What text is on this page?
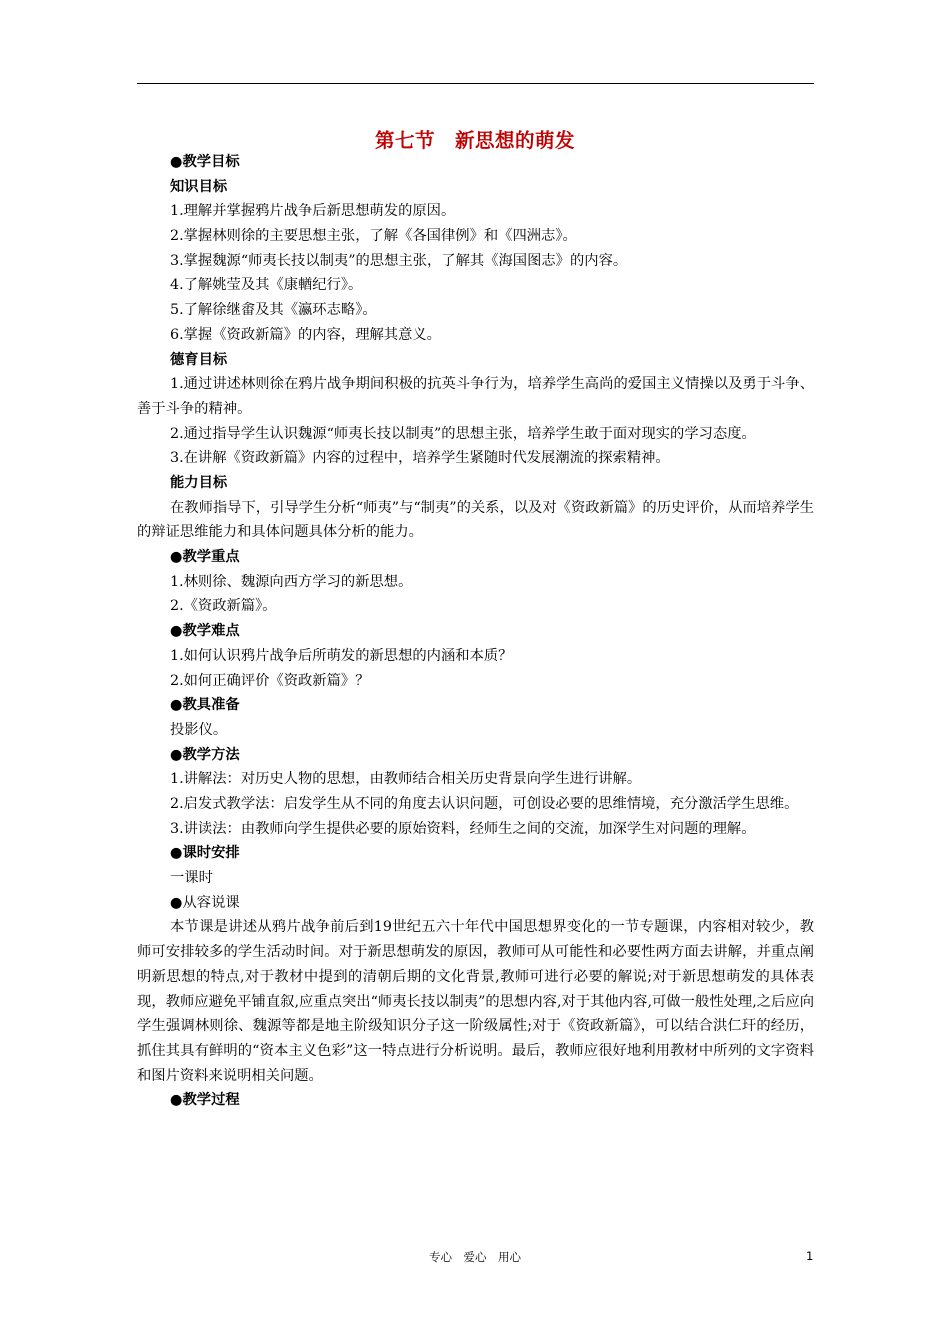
第七节　新思想的萌发
●教学目标
知识目标
1.理解并掌握鸦片战争后新思想萌发的原因。
2.掌握林则徐的主要思想主张，了解《各国律例》和《四洲志》。
3.掌握魏源“师夷长技以制夷”的思想主张，了解其《海国图志》的内容。
4.了解姚莹及其《康輶纪行》。
5.了解徐继畬及其《瀛环志略》。
6.掌握《资政新篇》的内容，理解其意义。
德育目标

1.通过讲述林则徐在鸦片战争期间积极的抗英斗争行为，培养学生高尚的爱国主义情操以及勇于斗争、善于斗争的精神。

2.通过指导学生认识魏源“师夷长技以制夷”的思想主张，培养学生敢于面对现实的学习态度。

3.在讲解《资政新篇》内容的过程中，培养学生紧随时代发展潮流的探索精神。

能力目标

在教师指导下，引导学生分析“师夷”与“制夷”的关系，以及对《资政新篇》的历史评价，从而培养学生的辩证思维能力和具体问题具体分析的能力。

●教学重点
1.林则徐、魏源向西方学习的新思想。
2.《资政新篇》。
●教学难点
1.如何认识鸦片战争后所萌发的新思想的内涵和本质？
2.如何正确评价《资政新篇》？
●教具准备
投影仪。
●教学方法

1.讲解法：对历史人物的思想，由教师结合相关历史背景向学生进行讲解。

2.启发式教学法：启发学生从不同的角度去认识问题，可创设必要的思维情境，充分激活学生思维。

3.讲读法：由教师向学生提供必要的原始资料，经师生之间的交流，加深学生对问题的理解。

●课时安排
一课时
●从容说课

本节课是讲述从鸦片战争前后到19世纪五六十年代中国思想界变化的一节专题课，内容相对较少，教师可安排较多的学生活动时间。对于新思想萌发的原因，教师可从可能性和必要性两方面去讲解，并重点阐明新思想的特点,对于教材中提到的清朝后期的文化背景,教师可进行必要的解说;对于新思想萌发的具体表现，教师应避免平铺直叙,应重点突出“师夷长技以制夷”的思想内容,对于其他内容,可做一般性处理,之后应向学生强调林则徐、魏源等都是地主阶级知识分子这一阶级属性;对于《资政新篇》，可以结合洪仁玕的经历，抓住其具有鲜明的“资本主义色彩”这一特点进行分析说明。最后，教师应很好地利用教材中所列的文字资料和图片资料来说明相关问题。

●教学过程
专心　爱心　用心	1
